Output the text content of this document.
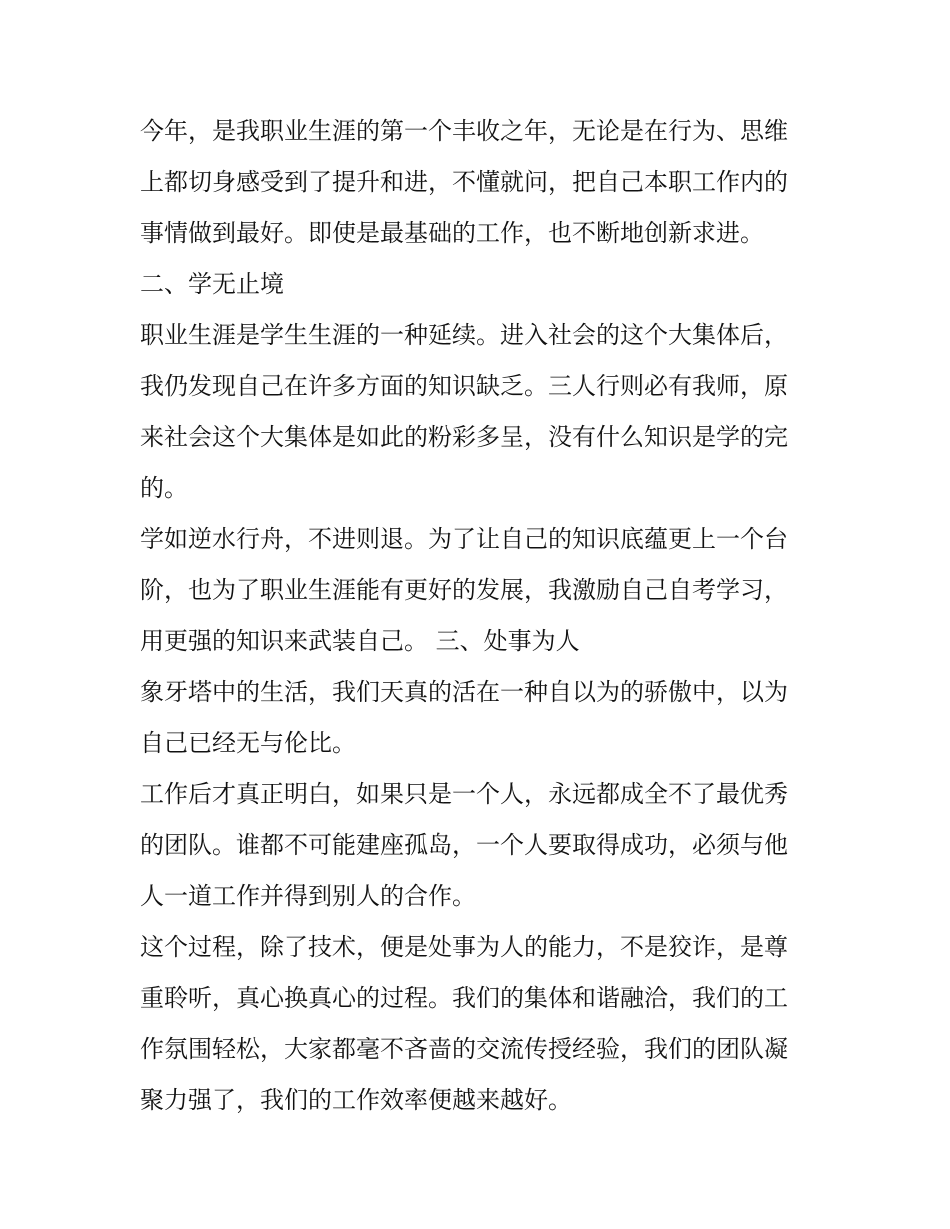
今年，是我职业生涯的第一个丰收之年，无论是在行为、思维
上都切身感受到了提升和进，不懂就问，把自己本职工作内的
事情做到最好。即使是最基础的工作，也不断地创新求进。
二、学无止境
职业生涯是学生生涯的一种延续。进入社会的这个大集体后，
我仍发现自己在许多方面的知识缺乏。三人行则必有我师，原
来社会这个大集体是如此的粉彩多呈，没有什么知识是学的完
的。
学如逆水行舟，不进则退。为了让自己的知识底蕴更上一个台
阶，也为了职业生涯能有更好的发展，我激励自己自考学习，
用更强的知识来武装自己。 三、处事为人
象牙塔中的生活，我们天真的活在一种自以为的骄傲中，以为
自己已经无与伦比。
工作后才真正明白，如果只是一个人，永远都成全不了最优秀
的团队。谁都不可能建座孤岛，一个人要取得成功，必须与他
人一道工作并得到别人的合作。
这个过程，除了技术，便是处事为人的能力，不是狡诈，是尊
重聆听，真心换真心的过程。我们的集体和谐融洽，我们的工
作氛围轻松，大家都毫不吝啬的交流传授经验，我们的团队凝
聚力强了，我们的工作效率便越来越好。
